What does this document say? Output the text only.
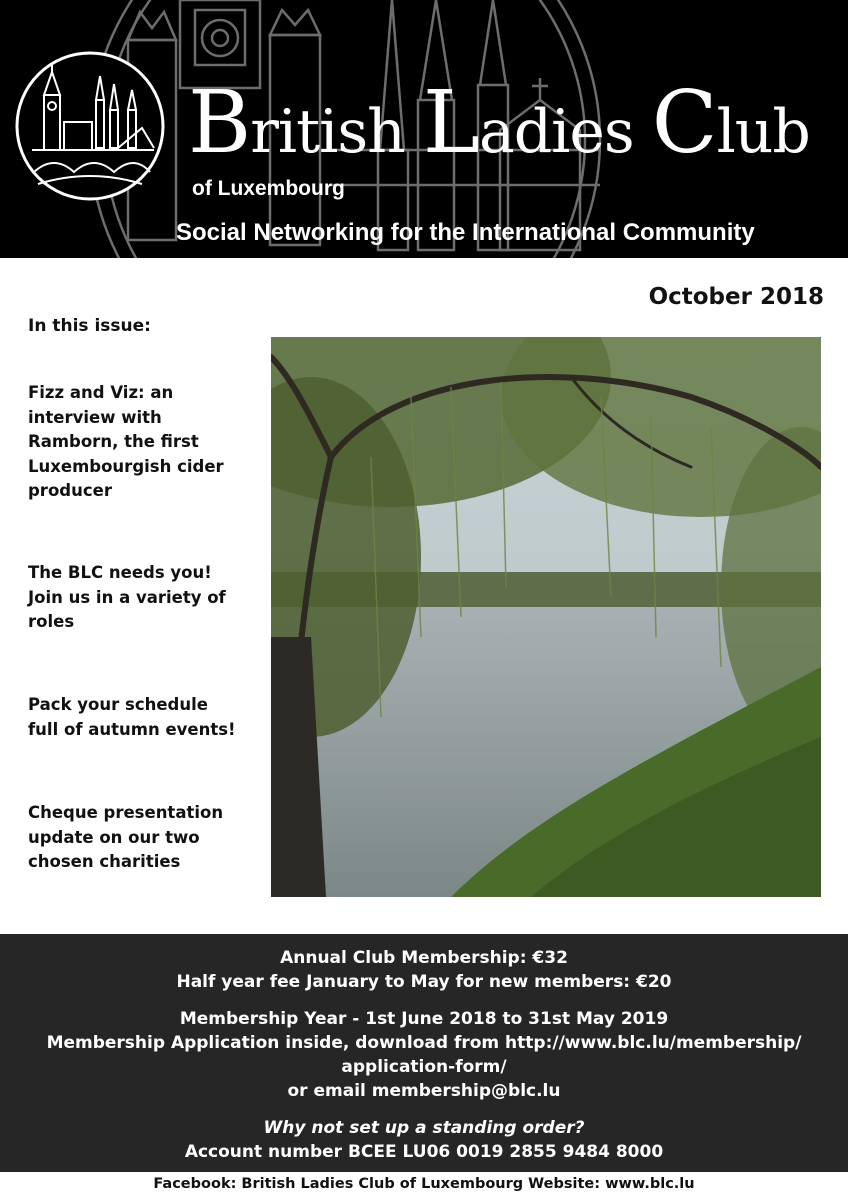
British Ladies Club
of Luxembourg
Social Networking for the International Community
October 2018
In this issue:
Fizz and Viz: an
interview with
Ramborn, the first
Luxembourgish cider
producer
The BLC needs you!
Join us in a variety of
roles
Pack your schedule
full of autumn events!
Cheque presentation
update on our two
chosen charities
Annual Club Membership: €32
Half year fee January to May for new members: €20
Membership Year - 1st June 2018 to 31st May 2019
Membership Application inside, download from http://www.blc.lu/membership/
application-form/
or email membership@blc.lu
Why not set up a standing order?
Account number BCEE LU06 0019 2855 9484 8000
Facebook: British Ladies Club of Luxembourg Website: www.blc.lu
